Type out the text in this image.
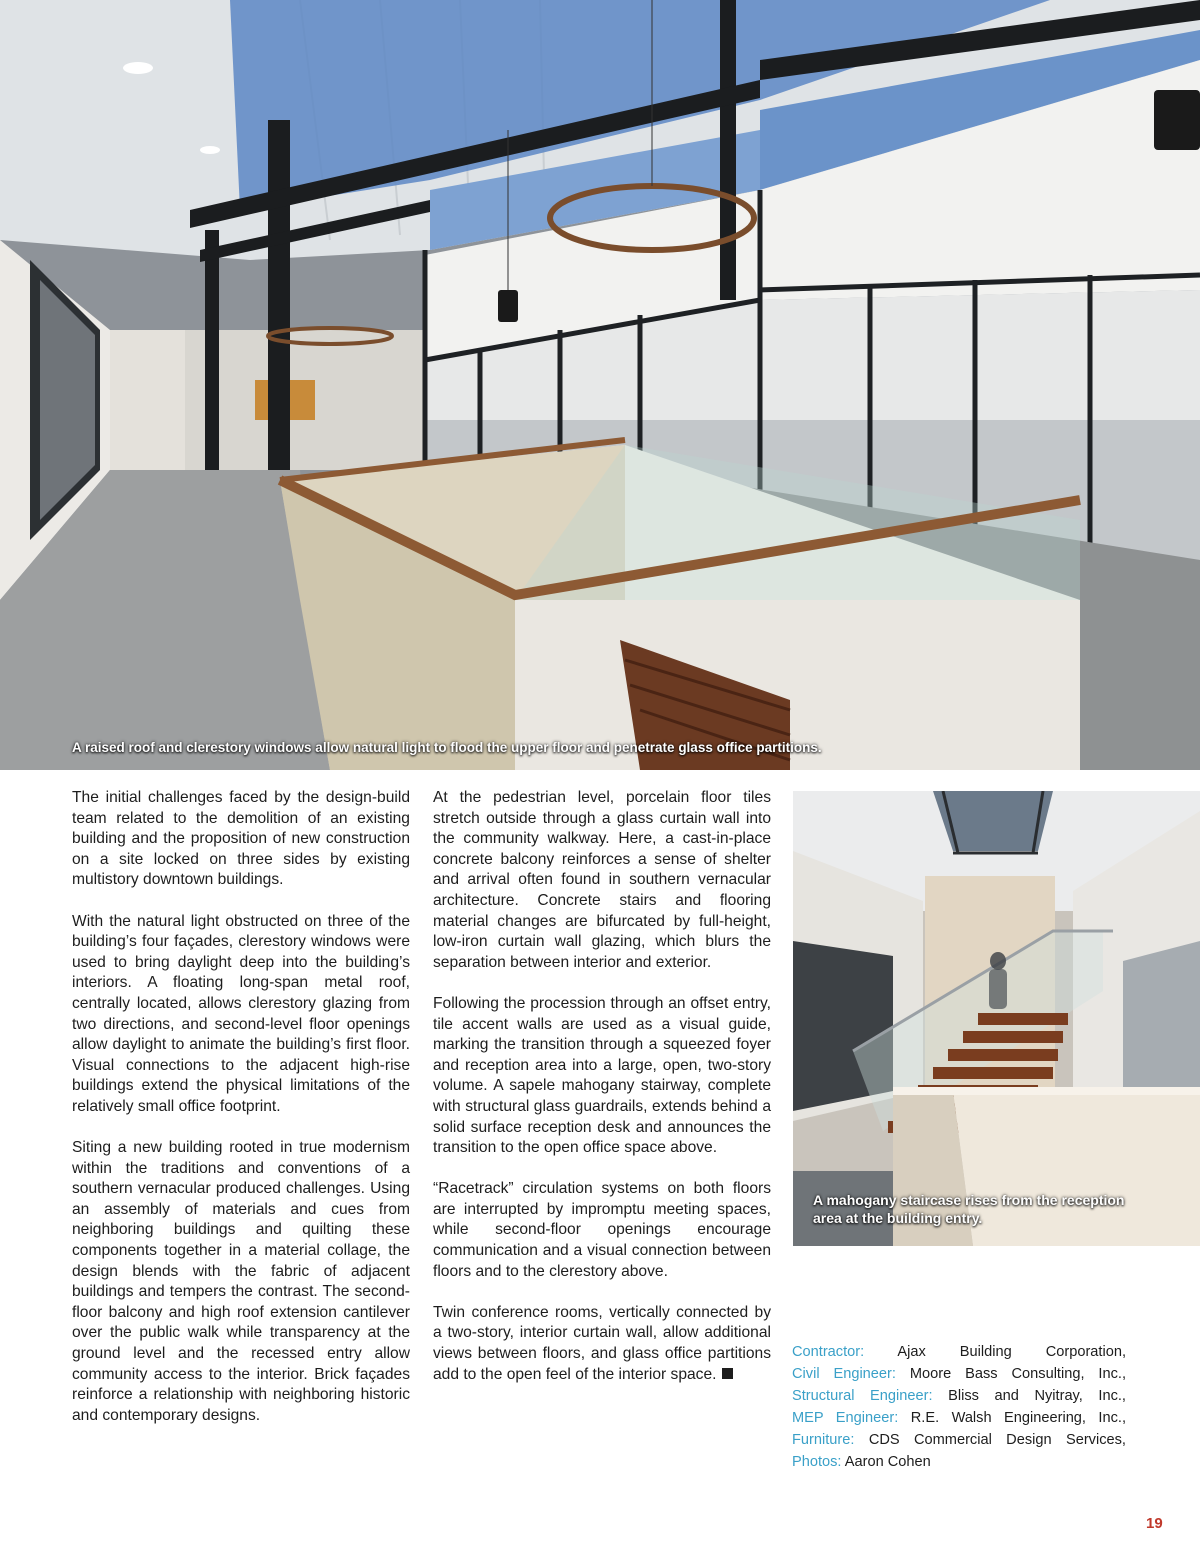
A raised roof and clerestory windows allow natural light to flood the upper floor and penetrate glass office partitions.

The initial challenges faced by the design-build team related to the demolition of an existing building and the proposition of new construction on a site locked on three sides by existing multistory downtown buildings.

With the natural light obstructed on three of the building’s four façades, clerestory windows were used to bring daylight deep into the building’s interiors. A floating long-span metal roof, centrally located, allows clerestory glazing from two directions, and second-level floor openings allow daylight to animate the building’s first floor. Visual connections to the adjacent high-rise buildings extend the physical limitations of the relatively small office footprint.

Siting a new building rooted in true modernism within the traditions and conventions of a southern vernacular produced challenges. Using an assembly of materials and cues from neighboring buildings and quilting these components together in a material collage, the design blends with the fabric of adjacent buildings and tempers the contrast. The second-floor balcony and high roof extension cantilever over the public walk while transparency at the ground level and the recessed entry allow community access to the interior. Brick façades reinforce a relationship with neighboring historic and contemporary designs.

At the pedestrian level, porcelain floor tiles stretch outside through a glass curtain wall into the community walkway. Here, a cast-in-place concrete balcony reinforces a sense of shelter and arrival often found in southern vernacular architecture. Concrete stairs and flooring material changes are bifurcated by full-height, low-iron curtain wall glazing, which blurs the separation between interior and exterior.

Following the procession through an offset entry, tile accent walls are used as a visual guide, marking the transition through a squeezed foyer and reception area into a large, open, two-story volume. A sapele mahogany stairway, complete with structural glass guardrails, extends behind a solid surface reception desk and announces the transition to the open office space above.

“Racetrack” circulation systems on both floors are interrupted by impromptu meeting spaces, while second-floor openings encourage communication and a visual connection between floors and to the clerestory above.

Twin conference rooms, vertically connected by a two-story, interior curtain wall, allow additional views between floors, and glass office partitions add to the open feel of the interior space.

A mahogany staircase rises from the reception area at the building entry.
Contractor: Ajax Building Corporation,
Civil Engineer: Moore Bass Consulting, Inc.,
Structural Engineer: Bliss and Nyitray, Inc.,
MEP Engineer: R.E. Walsh Engineering, Inc.,
Furniture: CDS Commercial Design Services,
Photos: Aaron Cohen
19
